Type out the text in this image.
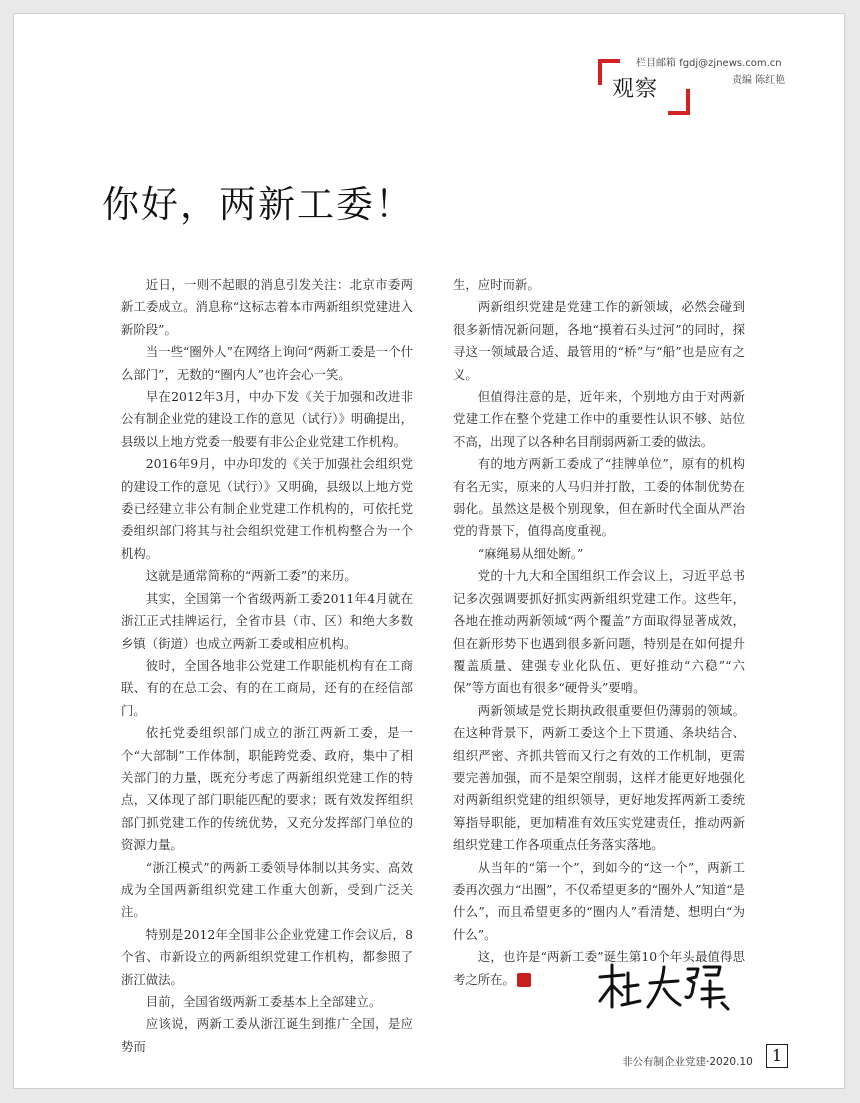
观察
栏目邮箱 fgdj@zjnews.com.cn
责编 陈红艳
你好，两新工委！

近日，一则不起眼的消息引发关注：北京市委两新工委成立。消息称“这标志着本市两新组织党建进入新阶段”。

当一些“圈外人”在网络上询问“两新工委是一个什么部门”，无数的“圈内人”也许会心一笑。

早在2012年3月，中办下发《关于加强和改进非公有制企业党的建设工作的意见（试行）》明确提出，县级以上地方党委一般要有非公企业党建工作机构。

2016年9月，中办印发的《关于加强社会组织党的建设工作的意见（试行）》又明确，县级以上地方党委已经建立非公有制企业党建工作机构的，可依托党委组织部门将其与社会组织党建工作机构整合为一个机构。

这就是通常简称的“两新工委”的来历。

其实，全国第一个省级两新工委2011年4月就在浙江正式挂牌运行，全省市县（市、区）和绝大多数乡镇（街道）也成立两新工委或相应机构。

彼时，全国各地非公党建工作职能机构有在工商联、有的在总工会、有的在工商局，还有的在经信部门。

依托党委组织部门成立的浙江两新工委，是一个“大部制”工作体制，职能跨党委、政府，集中了相关部门的力量，既充分考虑了两新组织党建工作的特点，又体现了部门职能匹配的要求；既有效发挥组织部门抓党建工作的传统优势，又充分发挥部门单位的资源力量。

“浙江模式”的两新工委领导体制以其务实、高效成为全国两新组织党建工作重大创新，受到广泛关注。

特别是2012年全国非公企业党建工作会议后，8个省、市新设立的两新组织党建工作机构，都参照了浙江做法。

目前，全国省级两新工委基本上全部建立。

应该说，两新工委从浙江诞生到推广全国，是应势而

生，应时而新。

两新组织党建是党建工作的新领域，必然会碰到很多新情况新问题，各地“摸着石头过河”的同时，探寻这一领域最合适、最管用的“桥”与“船”也是应有之义。

但值得注意的是，近年来，个别地方由于对两新党建工作在整个党建工作中的重要性认识不够、站位不高，出现了以各种名目削弱两新工委的做法。

有的地方两新工委成了“挂牌单位”，原有的机构有名无实，原来的人马归并打散，工委的体制优势在弱化。虽然这是极个别现象，但在新时代全面从严治党的背景下，值得高度重视。

“麻绳易从细处断。”

党的十九大和全国组织工作会议上，习近平总书记多次强调要抓好抓实两新组织党建工作。这些年，各地在推动两新领域“两个覆盖”方面取得显著成效，但在新形势下也遇到很多新问题，特别是在如何提升覆盖质量、建强专业化队伍、更好推动“六稳”“六保”等方面也有很多“硬骨头”要啃。

两新领域是党长期执政很重要但仍薄弱的领域。在这种背景下，两新工委这个上下贯通、条块结合、组织严密、齐抓共管而又行之有效的工作机制，更需要完善加强，而不是架空削弱，这样才能更好地强化对两新组织党建的组织领导，更好地发挥两新工委统筹指导职能，更加精准有效压实党建责任，推动两新组织党建工作各项重点任务落实落地。

从当年的“第一个”，到如今的“这一个”，两新工委再次强力“出圈”，不仅希望更多的“圈外人”知道“是什么”，而且希望更多的“圈内人”看清楚、想明白“为什么”。

这，也许是“两新工委”诞生第10个年头最值得思考之所在。	榴

非公有制企业党建·2020.10	1
